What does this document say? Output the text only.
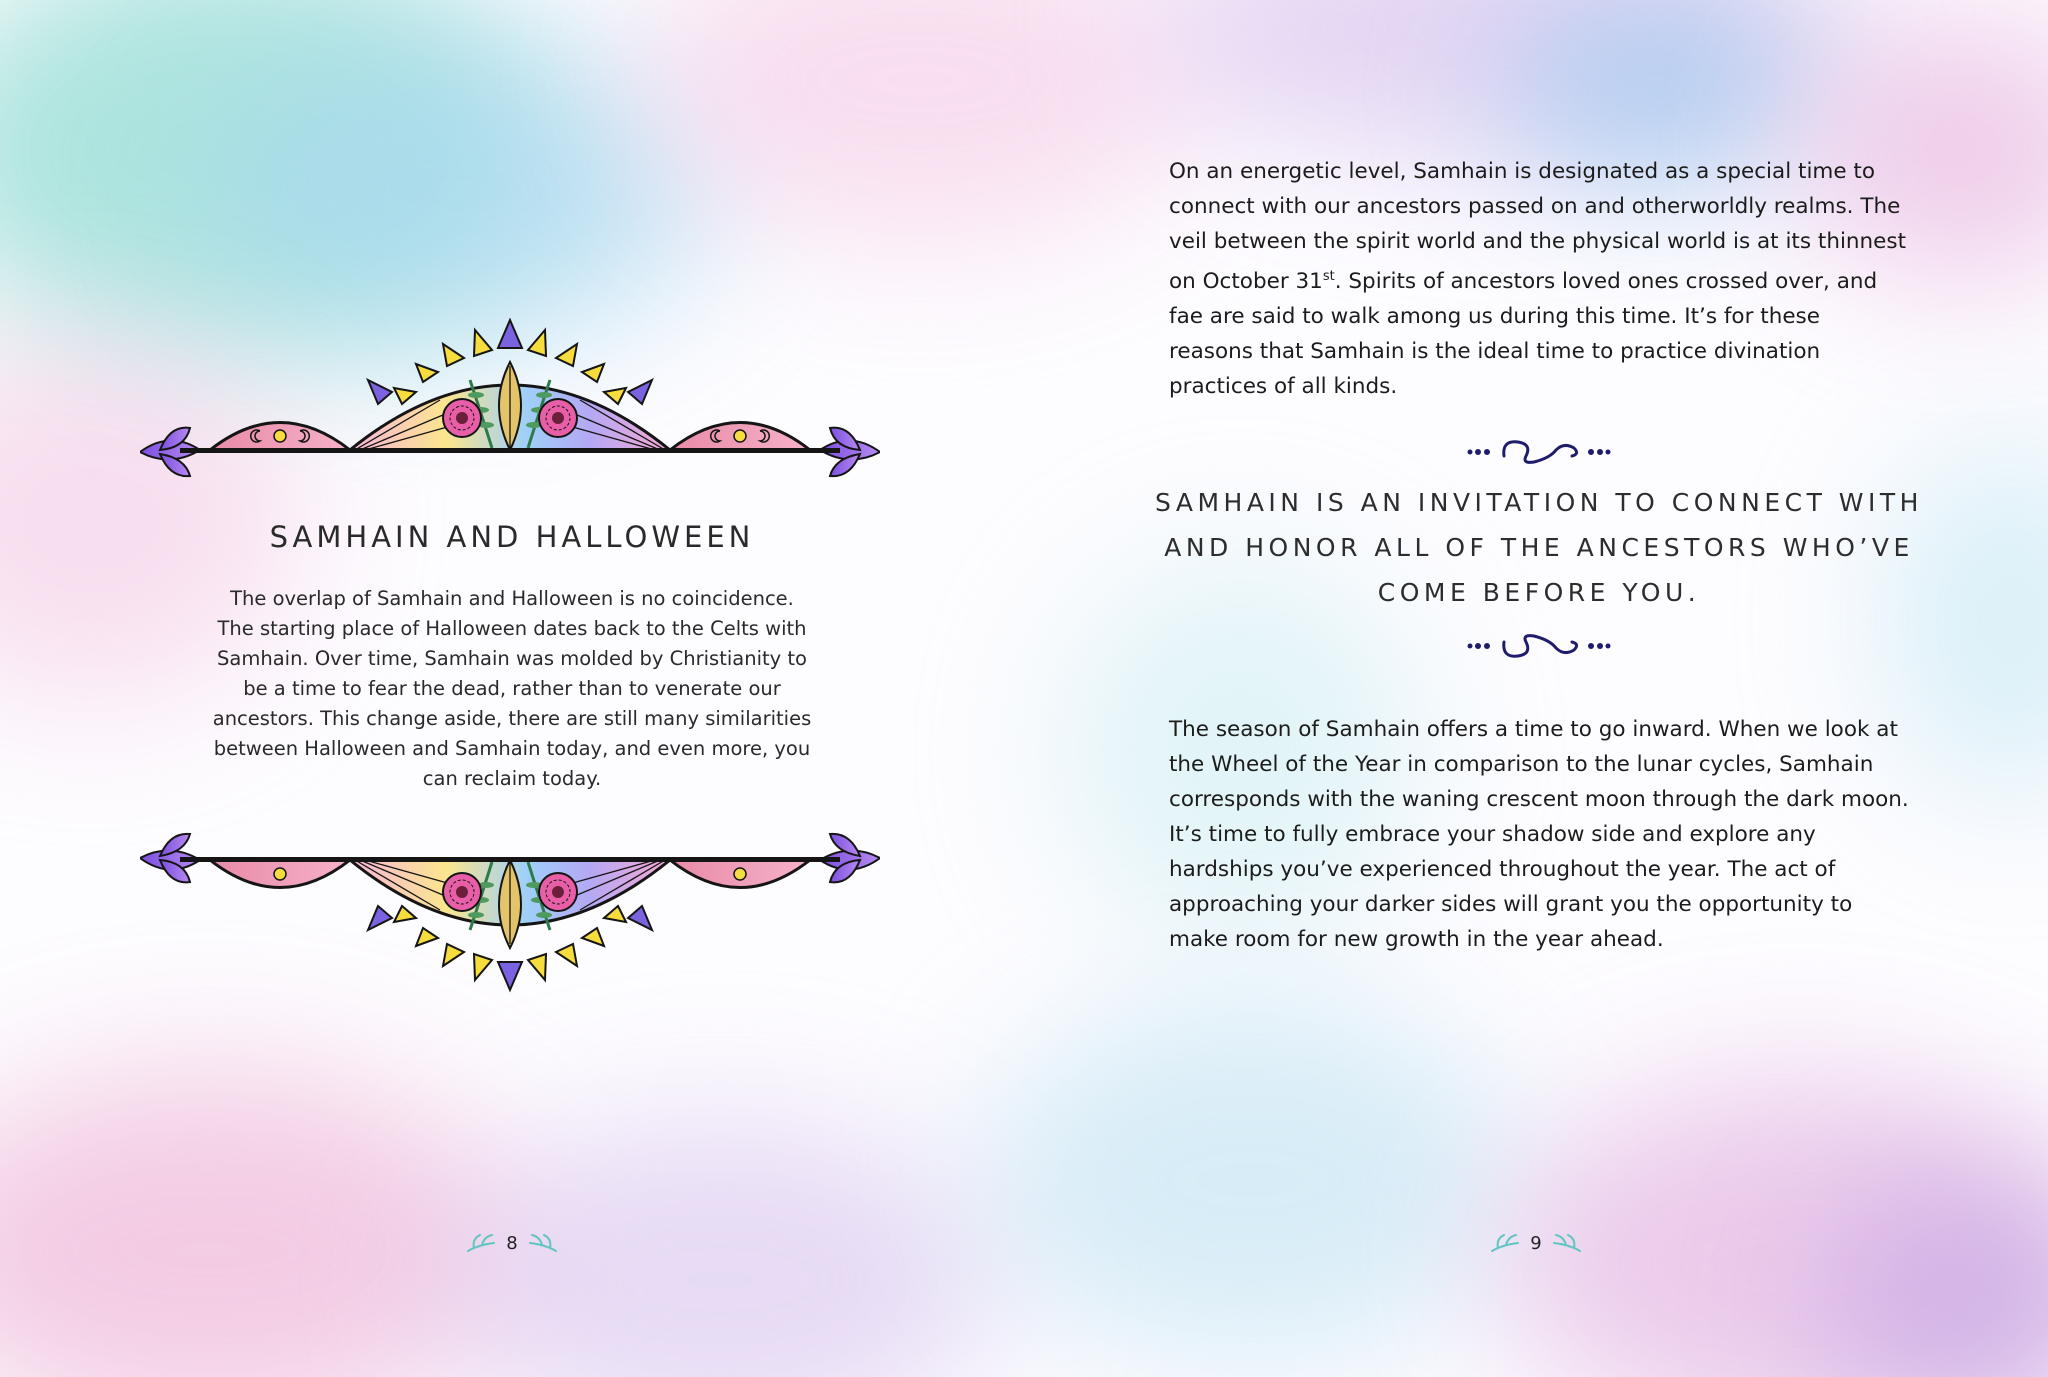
SAMHAIN AND HALLOWEEN

The overlap of Samhain and Halloween is no coincidence. The starting place of Halloween dates back to the Celts with Samhain. Over time, Samhain was molded by Christianity to be a time to fear the dead, rather than to venerate our ancestors. This change aside, there are still many similarities between Halloween and Samhain today, and even more, you can reclaim today.

8

On an energetic level, Samhain is designated as a special time to connect with our ancestors passed on and otherworldly realms. The veil between the spirit world and the physical world is at its thinnest on October 31st. Spirits of ancestors loved ones crossed over, and fae are said to walk among us during this time. It’s for these reasons that Samhain is the ideal time to practice divination practices of all kinds.

SAMHAIN IS AN INVITATION TO CONNECT WITH AND HONOR ALL OF THE ANCESTORS WHO’VE COME BEFORE YOU.

The season of Samhain offers a time to go inward. When we look at the Wheel of the Year in comparison to the lunar cycles, Samhain corresponds with the waning crescent moon through the dark moon. It’s time to fully embrace your shadow side and explore any hardships you’ve experienced throughout the year. The act of approaching your darker sides will grant you the opportunity to make room for new growth in the year ahead.

9
